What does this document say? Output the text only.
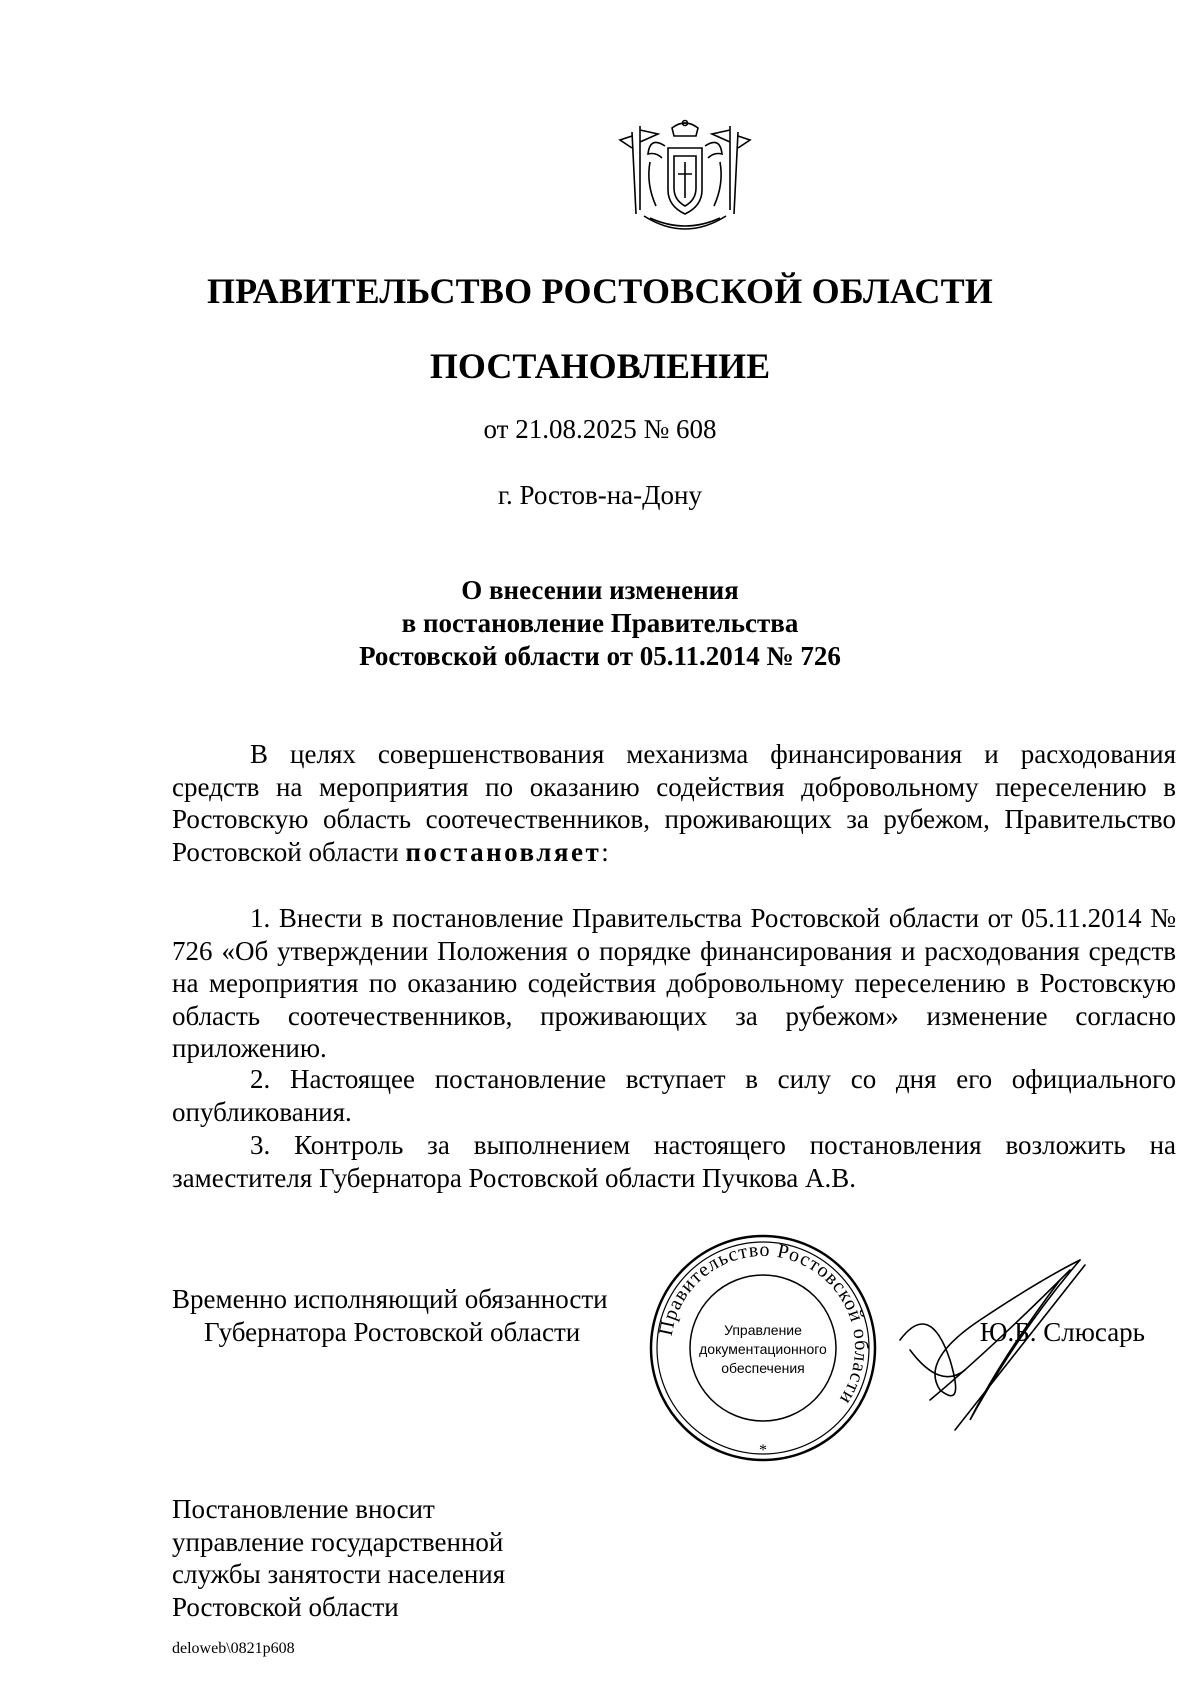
ПРАВИТЕЛЬСТВО РОСТОВСКОЙ ОБЛАСТИ
ПОСТАНОВЛЕНИЕ
от 21.08.2025 № 608
г. Ростов-на-Дону
О внесении изменения
в постановление Правительства
Ростовской области от 05.11.2014 № 726

В целях совершенствования механизма финансирования и расходования средств на мероприятия по оказанию содействия добровольному переселению в Ростовскую область соотечественников, проживающих за рубежом, Правительство Ростовской области постановляет:

1. Внести в постановление Правительства Ростовской области от 05.11.2014 № 726 «Об утверждении Положения о порядке финансирования и расходования средств на мероприятия по оказанию содействия добровольному переселению в Ростовскую область соотечественников, проживающих за рубежом» изменение согласно приложению.

2. Настоящее постановление вступает в силу со дня его официального опубликования.

3. Контроль за выполнением настоящего постановления возложить на заместителя Губернатора Ростовской области Пучкова А.В.

Временно исполняющий обязанности
Губернатора Ростовской области	Правительство Ростовской области
Управление
документационного
обеспечения
*
Ю.Б. Слюсарь
Постановление вносит
управление государственной
службы занятости населения
Ростовской области
deloweb\0821p608
